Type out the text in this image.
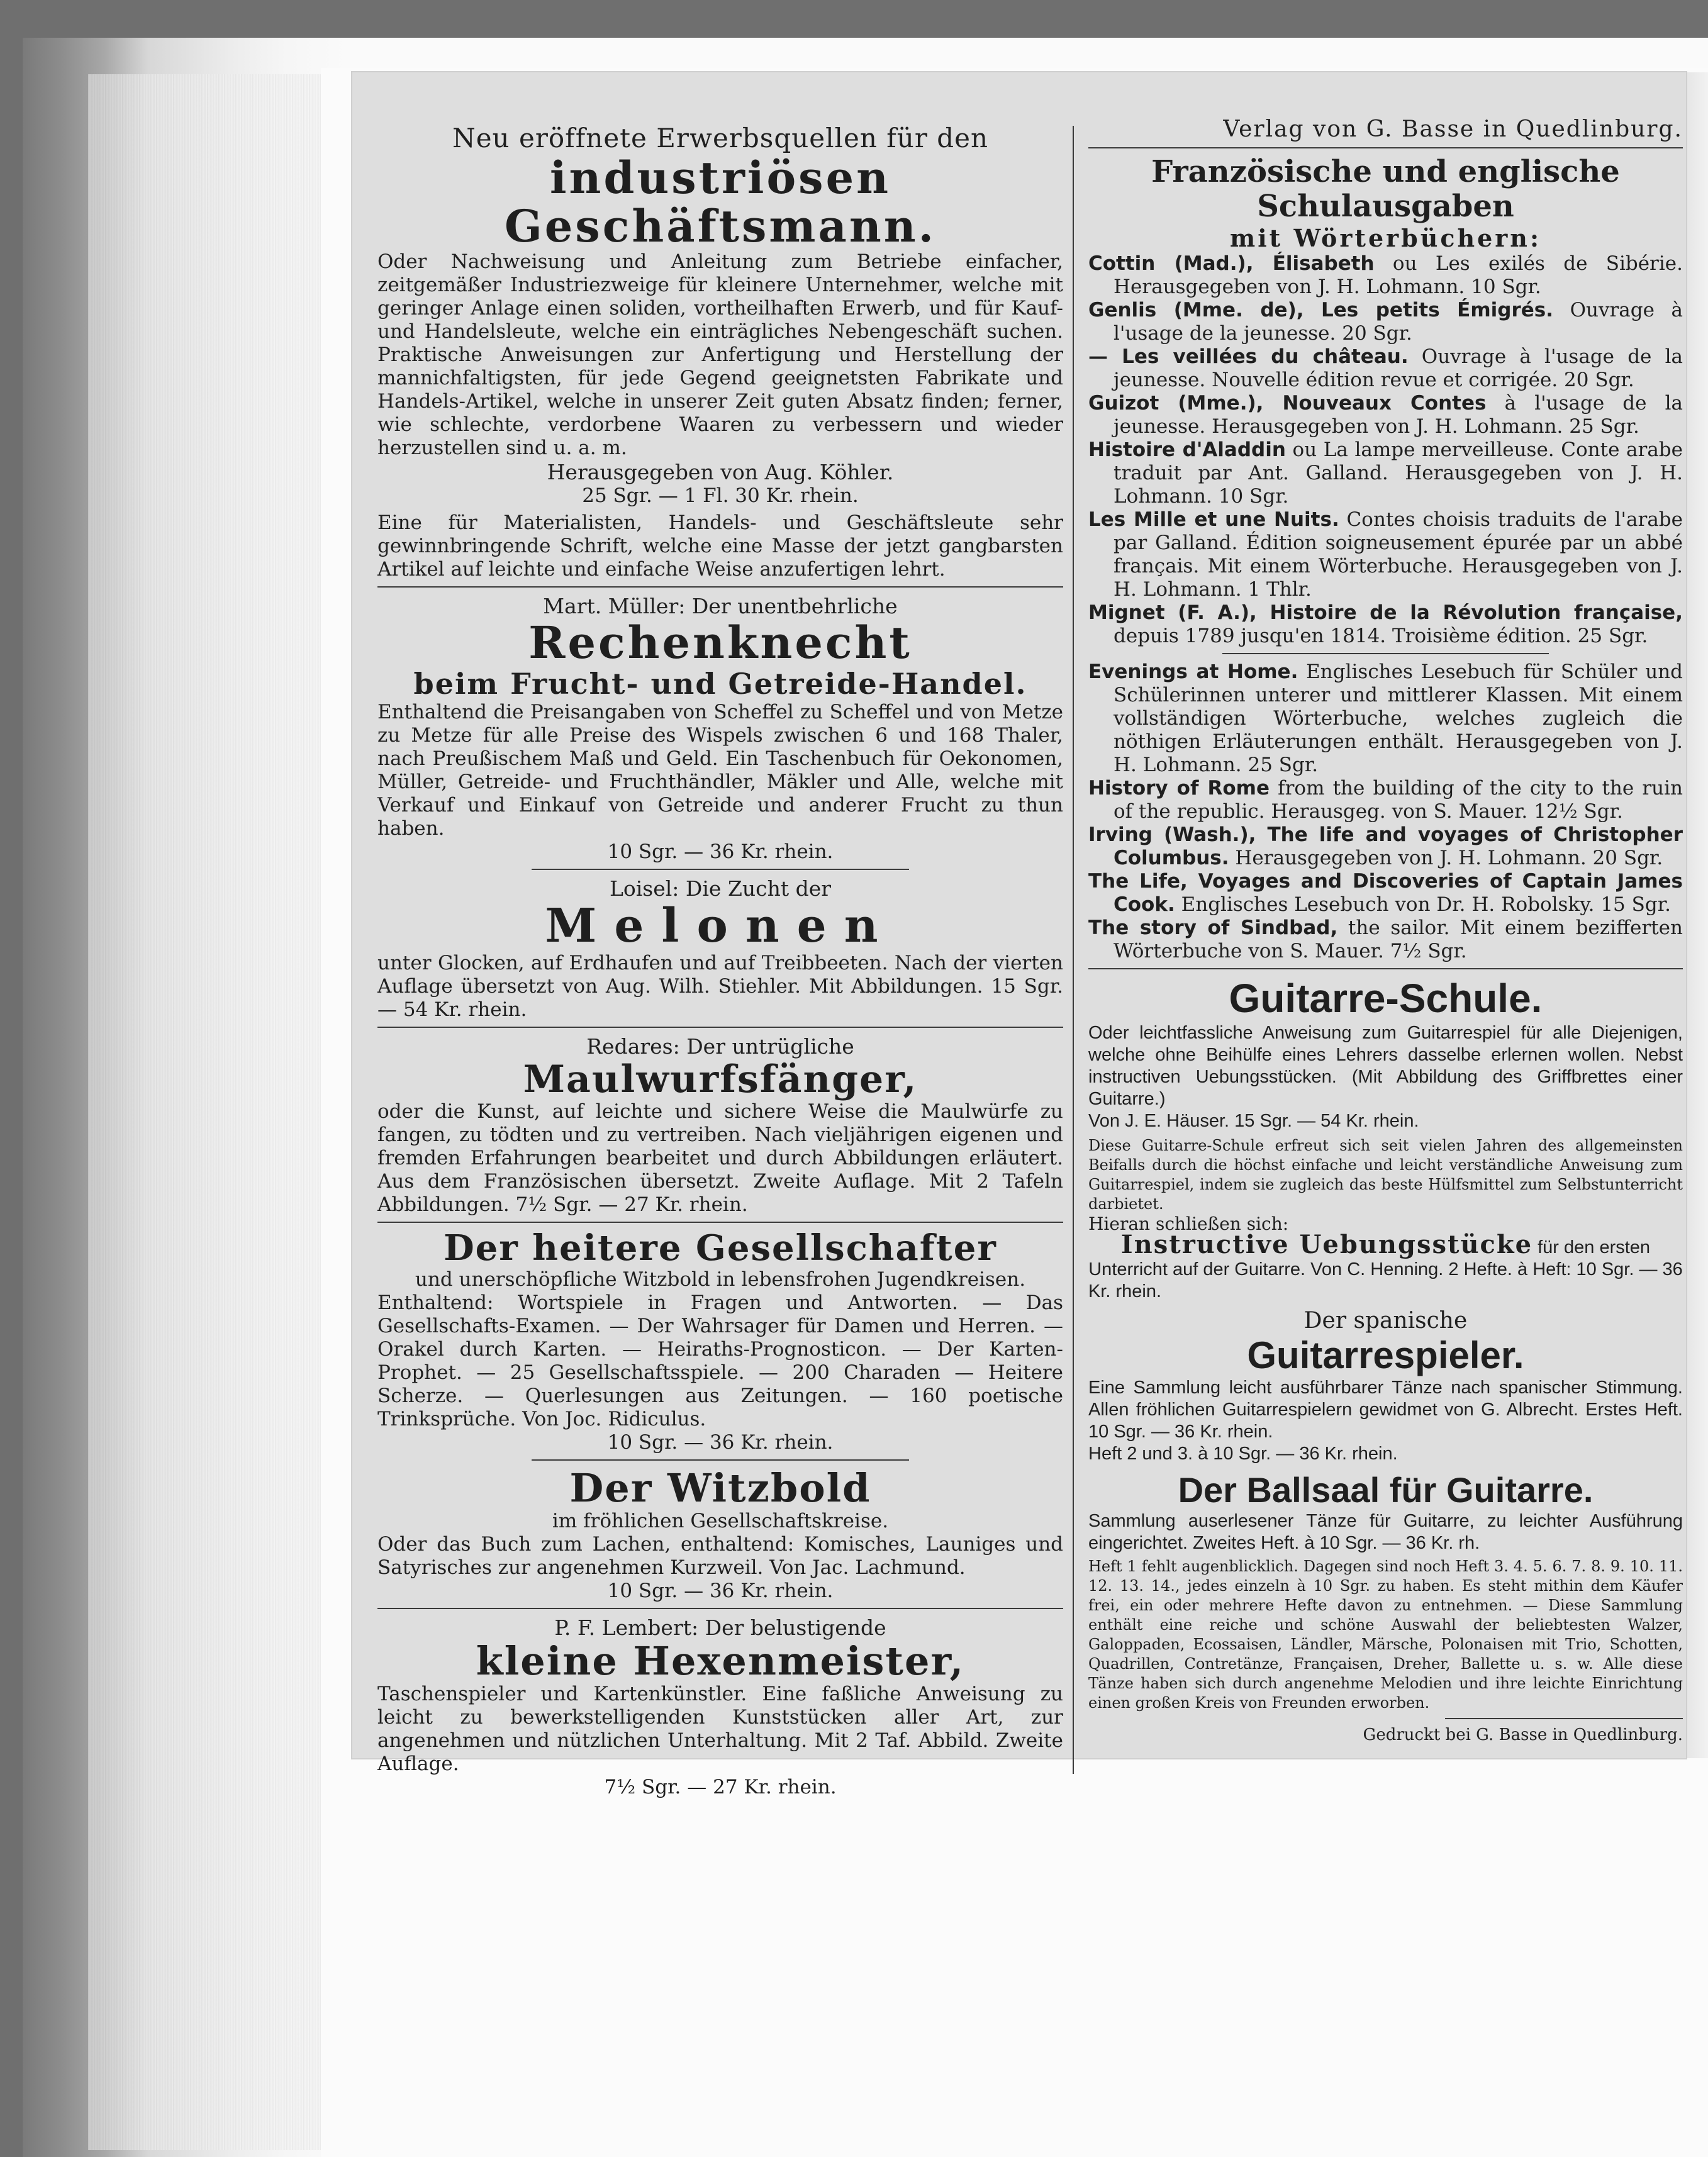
Neu eröffnete Erwerbsquellen für den
industriösen Geschäftsmann.
Oder Nachweisung und Anleitung zum Betriebe einfacher, zeitgemäßer Industriezweige für kleinere Unternehmer, welche mit geringer Anlage einen soliden, vortheilhaften Erwerb, und für Kauf- und Handelsleute, welche ein einträgliches Nebengeschäft suchen. Praktische Anweisungen zur Anfertigung und Herstellung der mannichfaltigsten, für jede Gegend geeignetsten Fabrikate und Handels-Artikel, welche in unserer Zeit guten Absatz finden; ferner, wie schlechte, verdorbene Waaren zu verbessern und wieder herzustellen sind u. a. m.
Herausgegeben von Aug. Köhler.
25 Sgr. — 1 Fl. 30 Kr. rhein.
Eine für Materialisten, Handels- und Geschäftsleute sehr gewinnbringende Schrift, welche eine Masse der jetzt gangbarsten Artikel auf leichte und einfache Weise anzufertigen lehrt.
Mart. Müller: Der unentbehrliche
Rechenknecht
beim Frucht- und Getreide-Handel.
Enthaltend die Preisangaben von Scheffel zu Scheffel und von Metze zu Metze für alle Preise des Wispels zwischen 6 und 168 Thaler, nach Preußischem Maß und Geld. Ein Taschenbuch für Oekonomen, Müller, Getreide- und Fruchthändler, Mäkler und Alle, welche mit Verkauf und Einkauf von Getreide und anderer Frucht zu thun haben.
10 Sgr. — 36 Kr. rhein.
Loisel: Die Zucht der
Melonen
unter Glocken, auf Erdhaufen und auf Treibbeeten. Nach der vierten Auflage übersetzt von Aug. Wilh. Stiehler. Mit Abbildungen. 15 Sgr. — 54 Kr. rhein.
Redares: Der untrügliche
Maulwurfsfänger,
oder die Kunst, auf leichte und sichere Weise die Maulwürfe zu fangen, zu tödten und zu vertreiben. Nach vieljährigen eigenen und fremden Erfahrungen bearbeitet und durch Abbildungen erläutert. Aus dem Französischen übersetzt. Zweite Auflage. Mit 2 Tafeln Abbildungen. 7½ Sgr. — 27 Kr. rhein.
Der heitere Gesellschafter
und unerschöpfliche Witzbold in lebensfrohen Jugendkreisen.
Enthaltend: Wortspiele in Fragen und Antworten. — Das Gesellschafts-Examen. — Der Wahrsager für Damen und Herren. — Orakel durch Karten. — Heiraths-Prognosticon. — Der Karten-Prophet. — 25 Gesellschaftsspiele. — 200 Charaden — Heitere Scherze. — Querlesungen aus Zeitungen. — 160 poetische Trinksprüche. Von Joc. Ridiculus.
10 Sgr. — 36 Kr. rhein.
Der Witzbold
im fröhlichen Gesellschaftskreise.
Oder das Buch zum Lachen, enthaltend: Komisches, Launiges und Satyrisches zur angenehmen Kurzweil. Von Jac. Lachmund.
10 Sgr. — 36 Kr. rhein.
P. F. Lembert: Der belustigende
kleine Hexenmeister,
Taschenspieler und Kartenkünstler. Eine faßliche Anweisung zu leicht zu bewerkstelligenden Kunststücken aller Art, zur angenehmen und nützlichen Unterhaltung. Mit 2 Taf. Abbild. Zweite Auflage.
7½ Sgr. — 27 Kr. rhein.
Verlag von G. Basse in Quedlinburg.
Französische und englische Schulausgaben
mit Wörterbüchern:
Cottin (Mad.), Élisabeth ou Les exilés de Sibérie. Herausgegeben von J. H. Lohmann. 10 Sgr.
Genlis (Mme. de), Les petits Émigrés. Ouvrage à l'usage de la jeunesse. 20 Sgr.
— Les veillées du château. Ouvrage à l'usage de la jeunesse. Nouvelle édition revue et corrigée. 20 Sgr.
Guizot (Mme.), Nouveaux Contes à l'usage de la jeunesse. Herausgegeben von J. H. Lohmann. 25 Sgr.
Histoire d'Aladdin ou La lampe merveilleuse. Conte arabe traduit par Ant. Galland. Herausgegeben von J. H. Lohmann. 10 Sgr.
Les Mille et une Nuits. Contes choisis traduits de l'arabe par Galland. Édition soigneusement épurée par un abbé français. Mit einem Wörterbuche. Herausgegeben von J. H. Lohmann. 1 Thlr.
Mignet (F. A.), Histoire de la Révolution française, depuis 1789 jusqu'en 1814. Troisième édition. 25 Sgr.
Evenings at Home. Englisches Lesebuch für Schüler und Schülerinnen unterer und mittlerer Klassen. Mit einem vollständigen Wörterbuche, welches zugleich die nöthigen Erläuterungen enthält. Herausgegeben von J. H. Lohmann. 25 Sgr.
History of Rome from the building of the city to the ruin of the republic. Herausgeg. von S. Mauer. 12½ Sgr.
Irving (Wash.), The life and voyages of Christopher Columbus. Herausgegeben von J. H. Lohmann. 20 Sgr.
The Life, Voyages and Discoveries of Captain James Cook. Englisches Lesebuch von Dr. H. Robolsky. 15 Sgr.
The story of Sindbad, the sailor. Mit einem bezifferten Wörterbuche von S. Mauer. 7½ Sgr.
Guitarre-Schule.
Oder leichtfassliche Anweisung zum Guitarrespiel für alle Diejenigen, welche ohne Beihülfe eines Lehrers dasselbe erlernen wollen. Nebst instructiven Uebungsstücken. (Mit Abbildung des Griffbrettes einer Guitarre.)
Von J. E. Häuser. 15 Sgr. — 54 Kr. rhein.
Diese Guitarre-Schule erfreut sich seit vielen Jahren des allgemeinsten Beifalls durch die höchst einfache und leicht verständliche Anweisung zum Guitarrespiel, indem sie zugleich das beste Hülfsmittel zum Selbstunterricht darbietet.
Hieran schließen sich:
Instructive Uebungsstücke für den ersten Unterricht auf der Guitarre. Von C. Henning. 2 Hefte. à Heft: 10 Sgr. — 36 Kr. rhein.
Der spanische
Guitarrespieler.
Eine Sammlung leicht ausführbarer Tänze nach spanischer Stimmung. Allen fröhlichen Guitarrespielern gewidmet von G. Albrecht. Erstes Heft. 10 Sgr. — 36 Kr. rhein.
Heft 2 und 3. à 10 Sgr. — 36 Kr. rhein.
Der Ballsaal für Guitarre.
Sammlung auserlesener Tänze für Guitarre, zu leichter Ausführung eingerichtet. Zweites Heft. à 10 Sgr. — 36 Kr. rh.
Heft 1 fehlt augenblicklich. Dagegen sind noch Heft 3. 4. 5. 6. 7. 8. 9. 10. 11. 12. 13. 14., jedes einzeln à 10 Sgr. zu haben. Es steht mithin dem Käufer frei, ein oder mehrere Hefte davon zu entnehmen. — Diese Sammlung enthält eine reiche und schöne Auswahl der beliebtesten Walzer, Galoppaden, Ecossaisen, Ländler, Märsche, Polonaisen mit Trio, Schotten, Quadrillen, Contretänze, Françaisen, Dreher, Ballette u. s. w. Alle diese Tänze haben sich durch angenehme Melodien und ihre leichte Einrichtung einen großen Kreis von Freunden erworben.
Gedruckt bei G. Basse in Quedlinburg.
